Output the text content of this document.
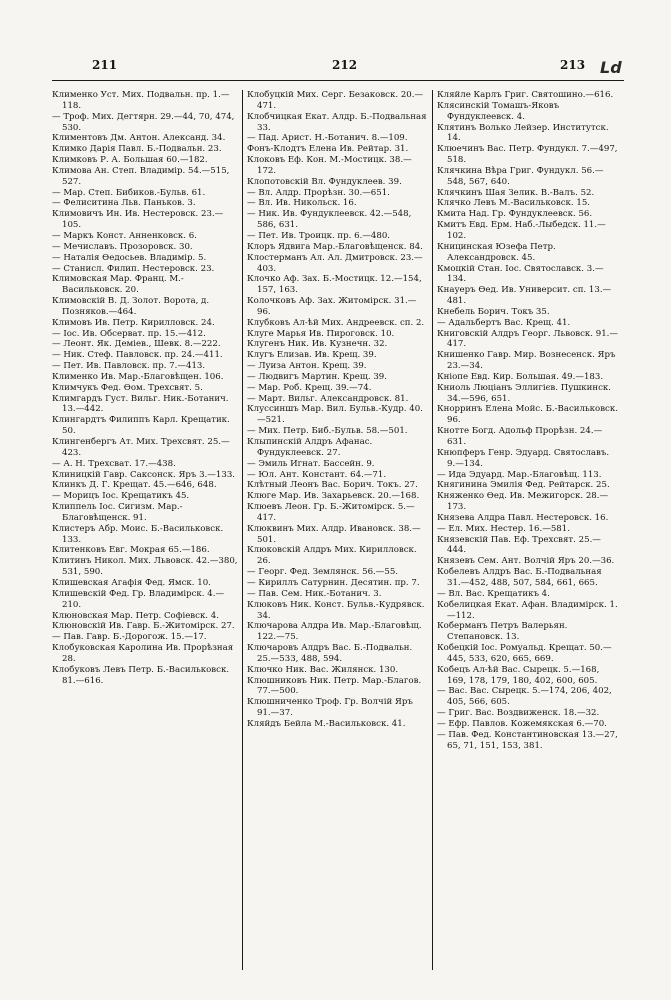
211	212	213 Ld

Клименко Уст. Мих. Подвальн. пр. 1.—118.

— Троф. Мих. Дегтярн. 29.—44, 70, 474, 530.

Климентовъ Дм. Антон. Александ. 34.

Климко Дарія Павл. Б.-Подвальн. 23.

Климковъ Р. А. Большая 60.—182.

Климова Ан. Степ. Владимір. 54.—515, 527.

— Мар. Степ. Бибиков.-Бульв. 61.

— Фелиситина Льв. Паньков. 3.

Климовичъ Ин. Ив. Нестеровск. 23.—105.

— Маркъ Конст. Анненковск. 6.

— Мечиславъ. Прозоровск. 30.

— Наталія Өедосьев. Владимір. 5.

— Станисл. Филип. Нестеровск. 23.

Климовская Мар. Франц. М.-Васильковск. 20.

Климовскій В. Д. Золот. Ворота, д. Позняков.—464.

Климовъ Ив. Петр. Кирилловск. 24.

— Іос. Ив. Обсерват. пр. 15.—412.

— Леонт. Як. Деміев., Шевк. 8.—222.

— Ник. Стеф. Павловск. пр. 24.—411.

— Пет. Ив. Павловск. пр. 7.—413.

Клименко Ив. Мар.-Благовѣщен. 106.

Климчукъ Фед. Өом. Трехсвят. 5.

Климгардъ Густ. Вильг. Ник.-Ботанич. 13.—442.

Клингардтъ Филиппъ Карл. Крещатик. 50.

Клингенбергъ Ат. Мих. Трехсвят. 25.—423.

— А. Н. Трехсват. 17.—438.

Клиницкій Гавр. Саксонск. Яръ 3.—133.

Клинкъ Д. Г. Крещат. 45.—646, 648.

— Морицъ Іос. Крещатикъ 45.

Клиппель Іос. Сигизм. Мар.-Благовѣщенск. 91.

Клистеръ Абр. Моис. Б.-Васильковск. 133.

Клитенковъ Евг. Мокрая 65.—186.

Клитинъ Никол. Мих. Львовск. 42.—380, 531, 590.

Клишевская Агафія Фед. Ямск. 10.

Клишевскій Фед. Гр. Владимірск. 4.—210.

Клюновская Мар. Петр. Софіевск. 4.

Клюновскій Ив. Гавр. Б.-Житомірск. 27.

— Пав. Гавр. Б.-Дорогож. 15.—17.

Клобуковская Каролина Ив. Прорѣзная 28.

Клобуковъ Левъ Петр. Б.-Васильковск. 81.—616.

Клобуцкій Мих. Серг. Безаковск. 20.—471.

Клобчицкая Екат. Алдр. Б.-Подвальная 33.

— Пад. Арист. Н.-Ботанич. 8.—109.

Фонъ-Клодтъ Елена Ив. Рейтар. 31.

Клоковъ Еф. Кон. М.-Мостицк. 38.—172.

Клопотовскій Вл. Фундуклеев. 39.

— Вл. Алдр. Прорѣзн. 30.—651.

— Вл. Ив. Никольск. 16.

— Ник. Ив. Фундуклеевск. 42.—548, 586, 631.

— Пет. Ив. Троицк. пр. 6.—480.

Клоръ Ядвига Мар.-Благовѣщенск. 84.

Клостерманъ Ал. Ал. Дмитровск. 23.—403.

Клочко Аф. Зах. Б.-Мостицк. 12.—154, 157, 163.

Колочковъ Аф. Зах. Житомірск. 31.—96.

Клубковъ Ал-ѣй Мих. Андреевск. сп. 2.

Клуге Марья Ив. Пироговск. 10.

Клугенъ Ник. Ив. Кузнечн. 32.

Клугъ Елизав. Ив. Крещ. 39.

— Луиза Антон. Крещ. 39.

— Людвигъ Мартин. Крещ. 39.

— Мар. Роб. Крещ. 39.—74.

— Март. Вильг. Александровск. 81.

Клуссиншъ Мар. Вил. Бульв.-Кудр. 40.—521.

— Мих. Петр. Биб.-Бульв. 58.—501.

Клыпинскій Алдръ Афанас. Фундуклеевск. 27.

— Эмиль Игнат. Бассейн. 9.

— Юл. Ант. Констант. 64.—71.

Клѣтный Леонъ Вас. Борич. Токъ. 27.

Клюге Мар. Ив. Захарьевск. 20.—168.

Клюевъ Леон. Гр. Б.-Житомірск. 5.—417.

Клюквинъ Мих. Алдр. Ивановск. 38.—501.

Клюковскій Алдръ Мих. Кирилловск. 26.

— Георг. Фед. Землянск. 56.—55.

— Кириллъ Сатурнин. Десятин. пр. 7.

— Пав. Сем. Ник.-Ботанич. 3.

Клюковъ Ник. Конст. Бульв.-Кудрявск. 34.

Ключарова Алдра Ив. Мар.-Благовѣщ. 122.—75.

Ключаровъ Алдръ Вас. Б.-Подвальн. 25.—533, 488, 594.

Ключко Ник. Вас. Жилянск. 130.

Клюшниковъ Ник. Петр. Мар.-Благов. 77.—500.

Клюшниченко Троф. Гр. Волчій Яръ 91.—37.

Кляйдъ Бейла М.-Васильковск. 41.

Кляйле Карлъ Григ. Святошино.—616.

Клясинскій Томашъ-Яковъ Фундуклеевск. 4.

Клятинъ Волько Лейзер. Институтск. 14.

Клюечинъ Вас. Петр. Фундукл. 7.—497, 518.

Клячкина Вѣра Григ. Фундукл. 56.—548, 567, 640.

Клячкинъ Шая Зелик. В.-Валъ. 52.

Клячко Левъ М.-Васильковск. 15.

Кмита Над. Гр. Фундуклеевск. 56.

Кмитъ Евд. Ерм. Наб.-Лыбедск. 11.—102.

Кницинская Юзефа Петр. Александровск. 45.

Кмоцкій Стан. Іос. Святославск. 3.—134.

Кнауеръ Өед. Ив. Университ. сп. 13.—481.

Кнебель Борич. Токъ 35.

— Адальбертъ Вас. Крещ. 41.

Книговскій Алдръ Георг. Львовск. 91.—417.

Книшенко Гавр. Мир. Вознесенск. Яръ 23.—34.

Кніопе Евд. Кир. Большая. 49.—183.

Книоль Люціанъ Эллигієв. Пушкинск. 34.—596, 651.

Кнорринъ Елена Мойс. Б.-Васильковск. 96.

Кнотте Богд. Адольф Прорѣзн. 24.—631.

Кнюпферъ Генр. Эдуард. Святославъ. 9.—134.

— Ида Эдуард. Мар.-Благовѣщ. 113.

Княгинина Эмилія Фед. Рейтарск. 25.

Княженко Өед. Ив. Межигорск. 28.—173.

Князева Алдра Павл. Нестеровск. 16.

— Ел. Мих. Нестер. 16.—581.

Князевскій Пав. Еф. Трехсвят. 25.—444.

Князевъ Сем. Ант. Волчій Яръ 20.—36.

Кобелевъ Алдръ Вас. Б.-Подвальная 31.—452, 488, 507, 584, 661, 665.

— Вл. Вас. Крещатикъ 4.

Кобелицкая Екат. Афан. Владимірск. 1.—112.

Коберманъ Петръ Валерьян. Степановск. 13.

Кобецкій Іос. Ромуальд. Крещат. 50.—445, 533, 620, 665, 669.

Кобецъ Ал-ѣй Вас. Сырецк. 5.—168, 169, 178, 179, 180, 402, 600, 605.

— Вас. Вас. Сырецк. 5.—174, 206, 402, 405, 566, 605.

— Григ. Вас. Воздвиженск. 18.—32.

— Ефр. Павлов. Кожемякская 6.—70.

— Пав. Фед. Константиновская 13.—27, 65, 71, 151, 153, 381.
